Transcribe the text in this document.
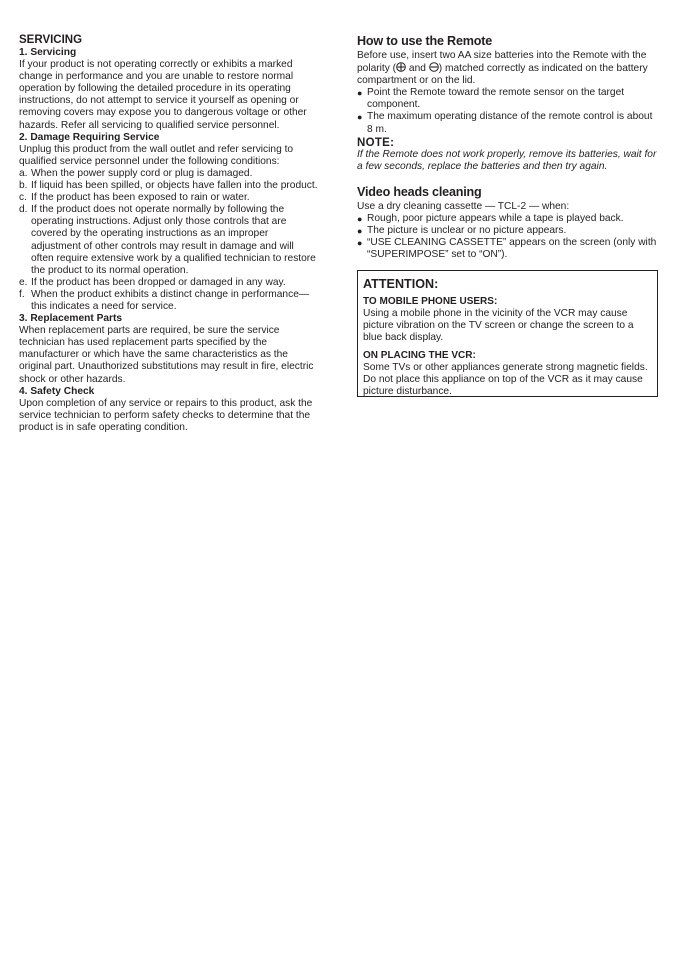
SERVICING

1. Servicing

If your product is not operating correctly or exhibits a marked change in performance and you are unable to restore normal operation by following the detailed procedure in its operating instructions, do not attempt to service it yourself as opening or removing covers may expose you to dangerous voltage or other hazards. Refer all servicing to qualified service personnel.

2. Damage Requiring Service

Unplug this product from the wall outlet and refer servicing to qualified service personnel under the following conditions:

a. When the power supply cord or plug is damaged.
b. If liquid has been spilled, or objects have fallen into the product.
c. If the product has been exposed to rain or water.
d. If the product does not operate normally by following the operating instructions. Adjust only those controls that are covered by the operating instructions as an improper adjustment of other controls may result in damage and will often require extensive work by a qualified technician to restore the product to its normal operation.
e. If the product has been dropped or damaged in any way.
f. When the product exhibits a distinct change in performance—this indicates a need for service.

3. Replacement Parts

When replacement parts are required, be sure the service technician has used replacement parts specified by the manufacturer or which have the same characteristics as the original part. Unauthorized substitutions may result in fire, electric shock or other hazards.

4. Safety Check

Upon completion of any service or repairs to this product, ask the service technician to perform safety checks to determine that the product is in safe operating condition.

How to use the Remote

Before use, insert two AA size batteries into the Remote with the polarity ( and ) matched correctly as indicated on the battery compartment or on the lid.

● Point the Remote toward the remote sensor on the target component.
● The maximum operating distance of the remote control is about 8 m.

NOTE:

If the Remote does not work properly, remove its batteries, wait for a few seconds, replace the batteries and then try again.

Video heads cleaning

Use a dry cleaning cassette — TCL-2 — when:

● Rough, poor picture appears while a tape is played back.
● The picture is unclear or no picture appears.
● “USE CLEANING CASSETTE” appears on the screen (only with “SUPERIMPOSE” set to “ON”).

ATTENTION:

TO MOBILE PHONE USERS:

Using a mobile phone in the vicinity of the VCR may cause picture vibration on the TV screen or change the screen to a blue back display.

ON PLACING THE VCR:

Some TVs or other appliances generate strong magnetic fields. Do not place this appliance on top of the VCR as it may cause picture disturbance.
